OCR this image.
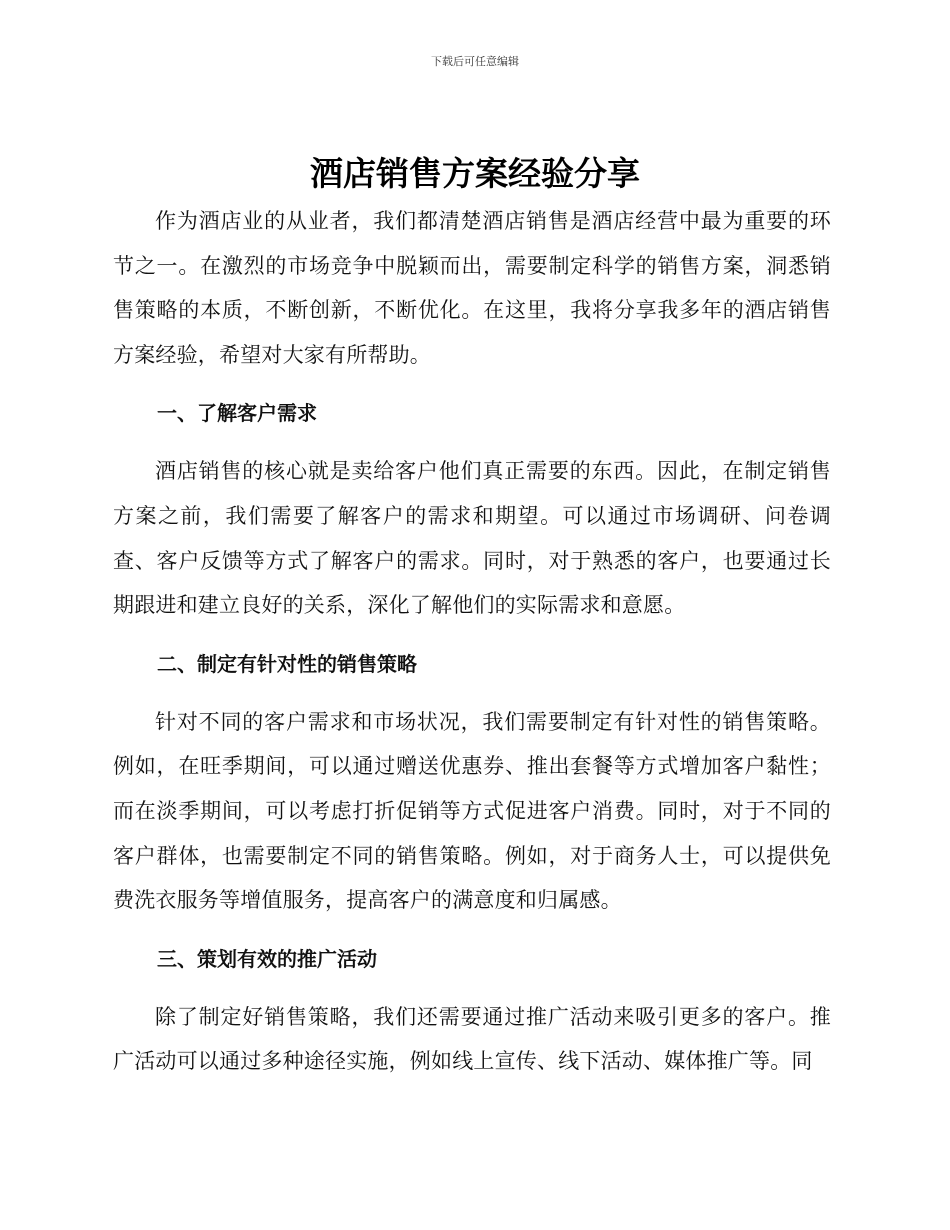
下载后可任意编辑
酒店销售方案经验分享

作为酒店业的从业者，我们都清楚酒店销售是酒店经营中最为重要的环节之一。在激烈的市场竞争中脱颖而出，需要制定科学的销售方案，洞悉销售策略的本质，不断创新，不断优化。在这里，我将分享我多年的酒店销售方案经验，希望对大家有所帮助。

一、了解客户需求

酒店销售的核心就是卖给客户他们真正需要的东西。因此，在制定销售方案之前，我们需要了解客户的需求和期望。可以通过市场调研、问卷调查、客户反馈等方式了解客户的需求。同时，对于熟悉的客户，也要通过长期跟进和建立良好的关系，深化了解他们的实际需求和意愿。

二、制定有针对性的销售策略

针对不同的客户需求和市场状况，我们需要制定有针对性的销售策略。例如，在旺季期间，可以通过赠送优惠券、推出套餐等方式增加客户黏性；而在淡季期间，可以考虑打折促销等方式促进客户消费。同时，对于不同的客户群体，也需要制定不同的销售策略。例如，对于商务人士，可以提供免费洗衣服务等增值服务，提高客户的满意度和归属感。

三、策划有效的推广活动

除了制定好销售策略，我们还需要通过推广活动来吸引更多的客户。推广活动可以通过多种途径实施，例如线上宣传、线下活动、媒体推广等。同
